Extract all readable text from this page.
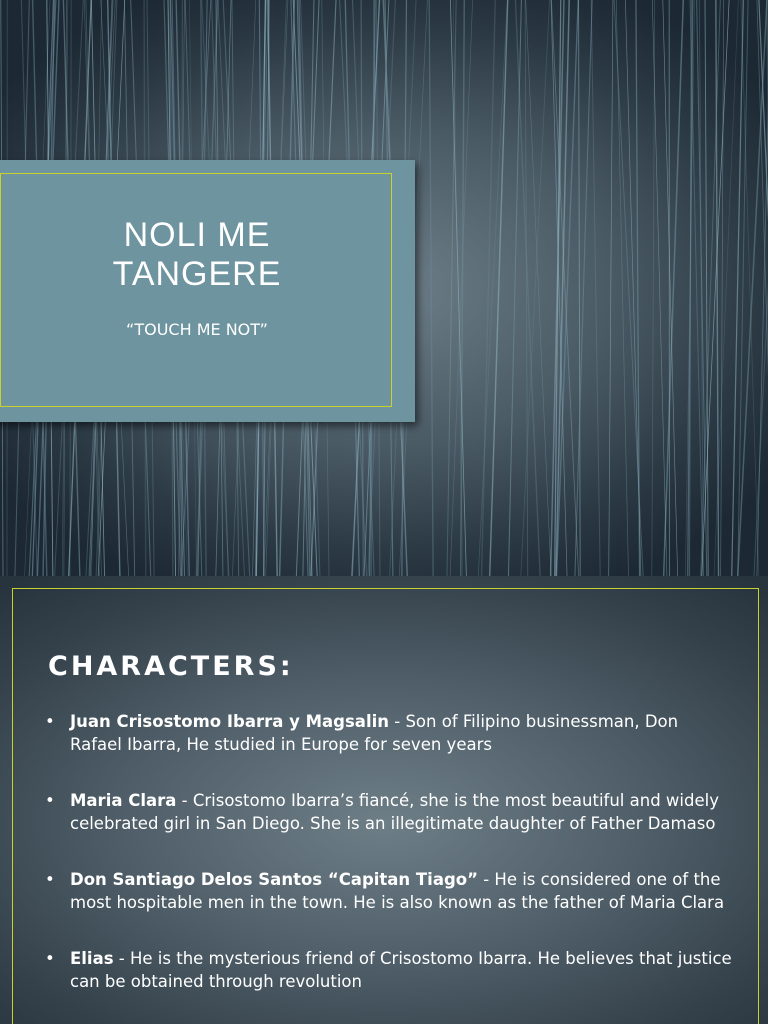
NOLI ME
TANGERE
“TOUCH ME NOT”
CHARACTERS:
• Juan Crisostomo Ibarra y Magsalin - Son of Filipino businessman, Don Rafael Ibarra, He studied in Europe for seven years
• Maria Clara - Crisostomo Ibarra’s fiancé, she is the most beautiful and widely celebrated girl in San Diego. She is an illegitimate daughter of Father Damaso
• Don Santiago Delos Santos “Capitan Tiago” - He is considered one of the most hospitable men in the town. He is also known as the father of Maria Clara
• Elias - He is the mysterious friend of Crisostomo Ibarra. He believes that justice can be obtained through revolution
